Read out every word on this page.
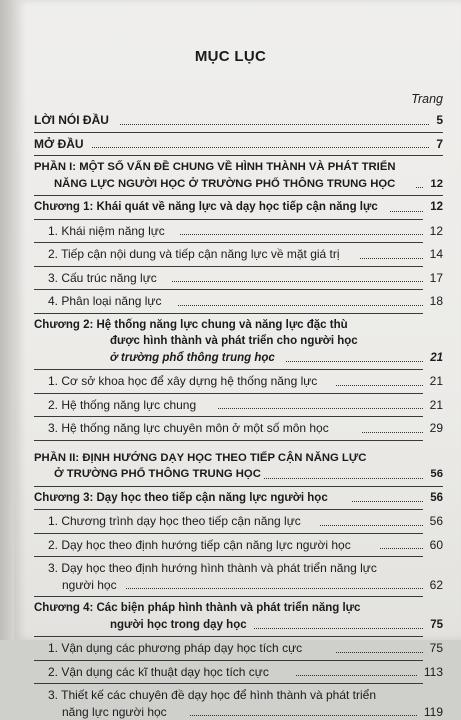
MỤC LỤC
Trang
LỜI NÓI ĐẦU	5
MỞ ĐẦU	7
PHẦN I: MỘT SỐ VẤN ĐỀ CHUNG VỀ HÌNH THÀNH VÀ PHÁT TRIỂN
NĂNG LỰC NGƯỜI HỌC Ở TRƯỜNG PHỔ THÔNG TRUNG HỌC	12
Chương 1: Khái quát về năng lực và dạy học tiếp cận năng lực	12
1. Khái niệm năng lực	12
2. Tiếp cận nội dung và tiếp cận năng lực về mặt giá trị	14
3. Cấu trúc năng lực	17
4. Phân loại năng lực	18
Chương 2: Hệ thống năng lực chung và năng lực đặc thù
được hình thành và phát triển cho người học
ở trường phổ thông trung học	21
1. Cơ sở khoa học để xây dựng hệ thống năng lực	21
2. Hệ thống năng lực chung	21
3. Hệ thống năng lực chuyên môn ở một số môn học	29
PHẦN II: ĐỊNH HƯỚNG DẠY HỌC THEO TIẾP CẬN NĂNG LỰC
Ở TRƯỜNG PHỔ THÔNG TRUNG HỌC	56
Chương 3: Dạy học theo tiếp cận năng lực người học	56
1. Chương trình dạy học theo tiếp cận năng lực	56
2. Dạy học theo định hướng tiếp cận năng lực người học	60
3. Dạy học theo định hướng hình thành và phát triển năng lực
người học	62
Chương 4: Các biện pháp hình thành và phát triển năng lực
người học trong dạy học	75
1. Vận dụng các phương pháp dạy học tích cực	75
2. Vận dụng các kĩ thuật dạy học tích cực	113
3. Thiết kế các chuyên đề dạy học để hình thành và phát triển
năng lực người học	119
